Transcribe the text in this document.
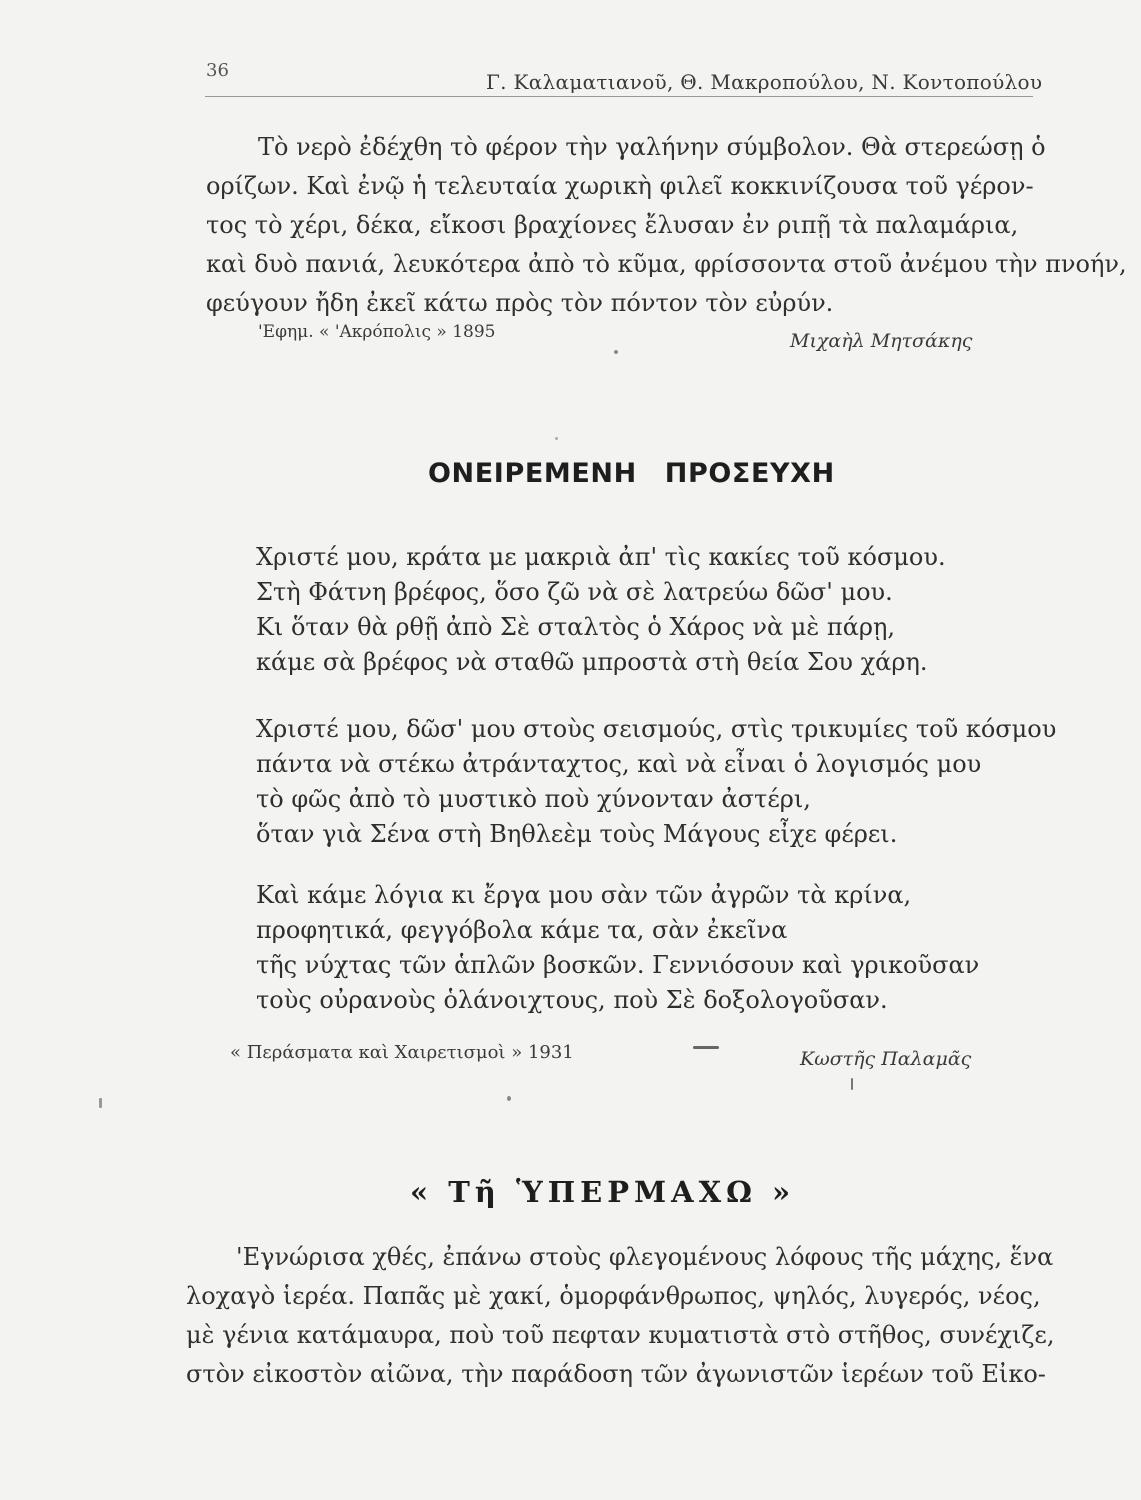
36	Γ. Καλαματιανοῦ, Θ. Μακροπούλου, Ν. Κοντοπούλου
Τὸ νερὸ ἐδέχθη τὸ φέρον τὴν γαλήνην σύμβολον. Θὰ στερεώσῃ ὁ
ορίζων. Καὶ ἐνῷ ἡ τελευταία χωρικὴ φιλεῖ κοκκινίζουσα τοῦ γέρον-
τος τὸ χέρι, δέκα, εἴκοσι βραχίονες ἔλυσαν ἐν ριπῇ τὰ παλαμάρια,
καὶ δυὸ πανιά, λευκότερα ἀπὸ τὸ κῦμα, φρίσσοντα στοῦ ἀνέμου τὴν πνοήν,
φεύγουν ἤδη ἐκεῖ κάτω πρὸς τὸν πόντον τὸν εὐρύν.
'Εφημ. « 'Ακρόπολις » 1895	Μιχαὴλ Μητσάκης
ΟΝΕΙΡΕΜΕΝΗ ΠΡΟΣΕΥΧΗ
Χριστέ μου, κράτα με μακριὰ ἀπ' τὶς κακίες τοῦ κόσμου.
Στὴ Φάτνη βρέφος, ὅσο ζῶ νὰ σὲ λατρεύω δῶσ' μου.
Κι ὅταν θὰ ρθῇ ἀπὸ Σὲ σταλτὸς ὁ Χάρος νὰ μὲ πάρῃ,
κάμε σὰ βρέφος νὰ σταθῶ μπροστὰ στὴ θεία Σου χάρη.
Χριστέ μου, δῶσ' μου στοὺς σεισμούς, στὶς τρικυμίες τοῦ κόσμου
πάντα νὰ στέκω ἀτράνταχτος, καὶ νὰ εἶναι ὁ λογισμός μου
τὸ φῶς ἀπὸ τὸ μυστικὸ ποὺ χύνονταν ἀστέρι,
ὅταν γιὰ Σένα στὴ Βηθλεὲμ τοὺς Μάγους εἶχε φέρει.
Καὶ κάμε λόγια κι ἔργα μου σὰν τῶν ἀγρῶν τὰ κρίνα,
προφητικά, φεγγόβολα κάμε τα, σὰν ἐκεῖνα
τῆς νύχτας τῶν ἁπλῶν βοσκῶν. Γεννιόσουν καὶ γρικοῦσαν
τοὺς οὐρανοὺς ὁλάνοιχτους, ποὺ Σὲ δοξολογοῦσαν.
« Περάσματα καὶ Χαιρετισμοὶ » 1931	Κωστῆς Παλαμᾶς
« Τῆ ὙΠΕΡΜΑΧΩ »
'Εγνώρισα χθές, ἐπάνω στοὺς φλεγομένους λόφους τῆς μάχης, ἕνα
λοχαγὸ ἱερέα. Παπᾶς μὲ χακί, ὁμορφάνθρωπος, ψηλός, λυγερός, νέος,
μὲ γένια κατάμαυρα, ποὺ τοῦ πεφταν κυματιστὰ στὸ στῆθος, συνέχιζε,
στὸν εἰκοστὸν αἰῶνα, τὴν παράδοση τῶν ἀγωνιστῶν ἱερέων τοῦ Εἰκο-
